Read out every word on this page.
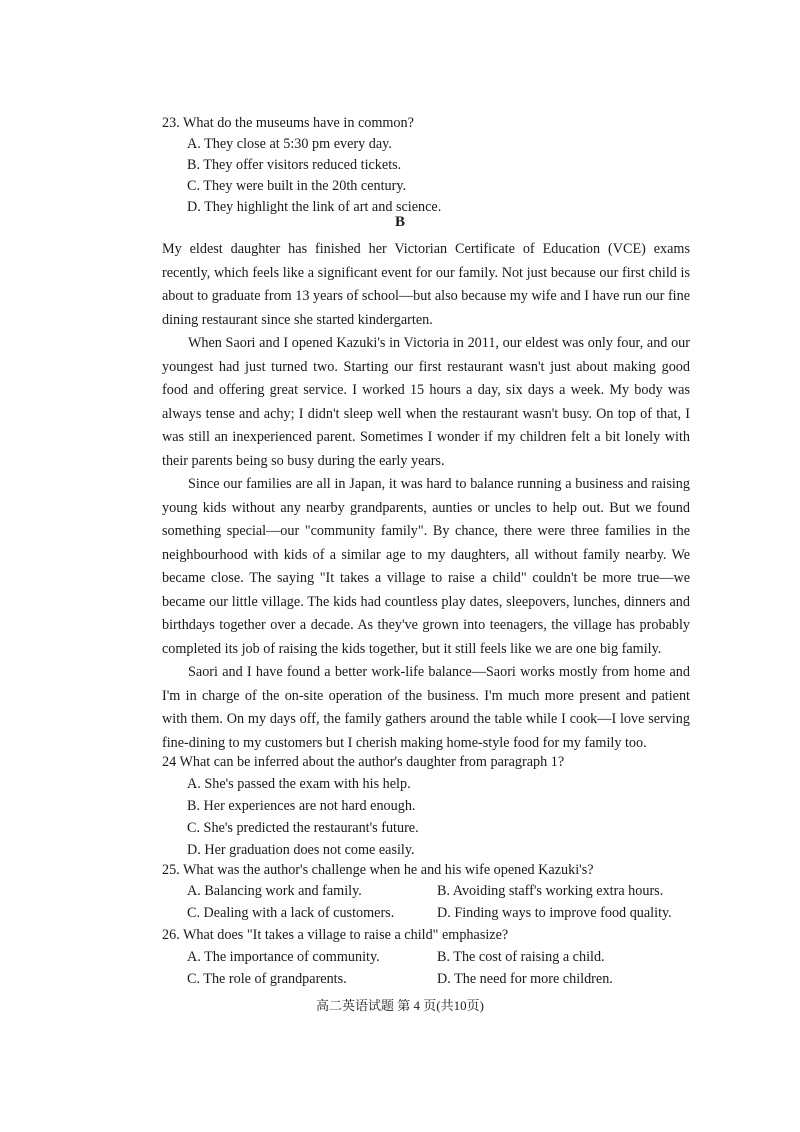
23. What do the museums have in common?
A. They close at 5:30 pm every day.
B. They offer visitors reduced tickets.
C. They were built in the 20th century.
D. They highlight the link of art and science.
B

My eldest daughter has finished her Victorian Certificate of Education (VCE) exams recently, which feels like a significant event for our family. Not just because our first child is about to graduate from 13 years of school—but also because my wife and I have run our fine dining restaurant since she started kindergarten.

When Saori and I opened Kazuki's in Victoria in 2011, our eldest was only four, and our youngest had just turned two. Starting our first restaurant wasn't just about making good food and offering great service. I worked 15 hours a day, six days a week. My body was always tense and achy; I didn't sleep well when the restaurant wasn't busy. On top of that, I was still an inexperienced parent. Sometimes I wonder if my children felt a bit lonely with their parents being so busy during the early years.

Since our families are all in Japan, it was hard to balance running a business and raising young kids without any nearby grandparents, aunties or uncles to help out. But we found something special—our "community family". By chance, there were three families in the neighbourhood with kids of a similar age to my daughters, all without family nearby. We became close. The saying "It takes a village to raise a child" couldn't be more true—we became our little village. The kids had countless play dates, sleepovers, lunches, dinners and birthdays together over a decade. As they've grown into teenagers, the village has probably completed its job of raising the kids together, but it still feels like we are one big family.

Saori and I have found a better work-life balance—Saori works mostly from home and I'm in charge of the on-site operation of the business. I'm much more present and patient with them. On my days off, the family gathers around the table while I cook—I love serving fine-dining to my customers but I cherish making home-style food for my family too.

24 What can be inferred about the author's daughter from paragraph 1?
A. She's passed the exam with his help.
B. Her experiences are not hard enough.
C. She's predicted the restaurant's future.
D. Her graduation does not come easily.
25. What was the author's challenge when he and his wife opened Kazuki's?
A. Balancing work and family.	B. Avoiding staff's working extra hours.
C. Dealing with a lack of customers.	D. Finding ways to improve food quality.
26. What does "It takes a village to raise a child" emphasize?
A. The importance of community.	B. The cost of raising a child.
C. The role of grandparents.	D. The need for more children.
高二英语试题 第 4 页(共10页)
